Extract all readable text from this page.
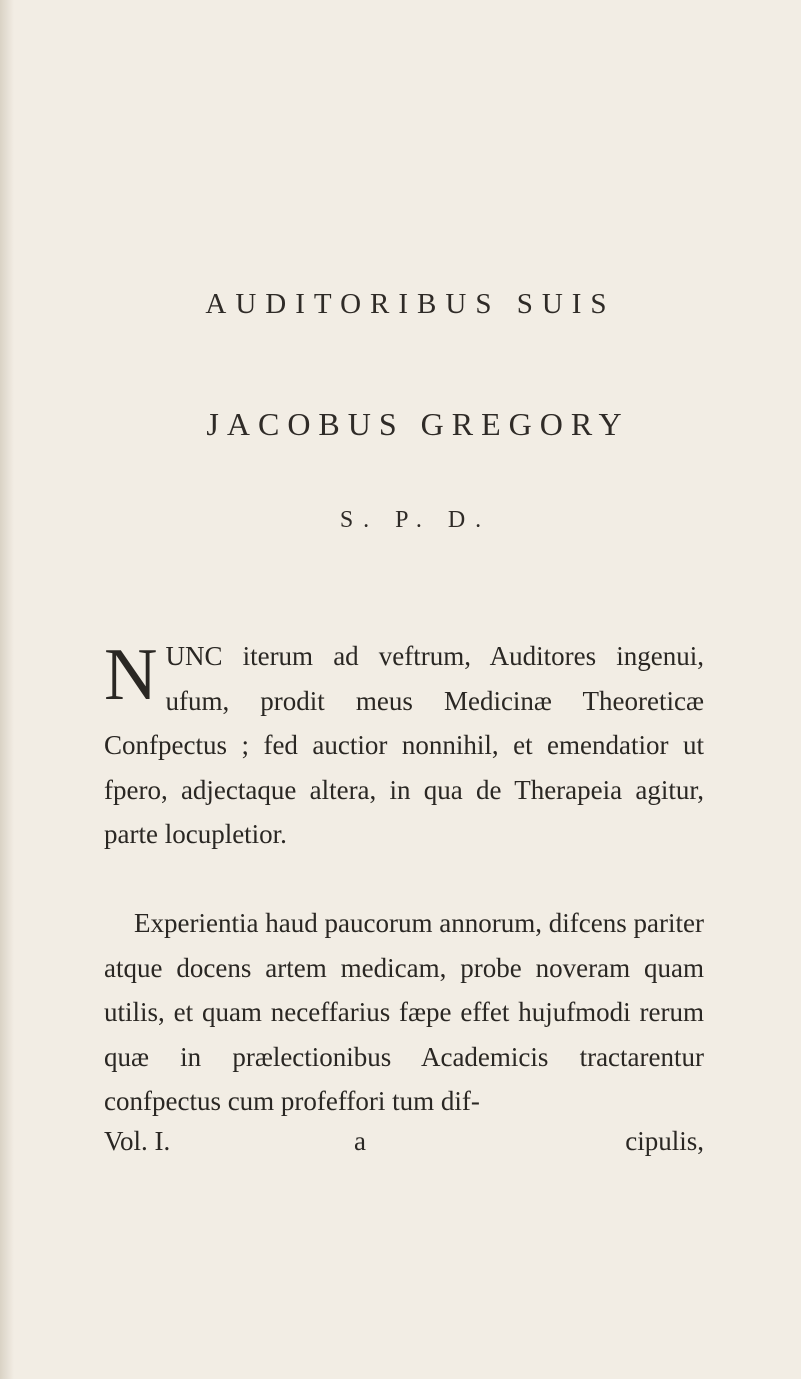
AUDITORIBUS SUIS
JACOBUS GREGORY
S. P. D.
NUNC iterum ad veftrum, Auditores ingenui, ufum, prodit meus Medicinæ Theoreticæ Confpectus ; fed auctior nonnihil, et emendatior ut fpero, adjectaque altera, in qua de Therapeia agitur, parte locupletior.
Experientia haud paucorum annorum, difcens pariter atque docens artem medicam, probe noveram quam utilis, et quam neceffarius fæpe effet hujufmodi rerum quæ in prælectionibus Academicis tractarentur confpectus cum profeffori tum dif-
Vol. I.	a	cipulis,
